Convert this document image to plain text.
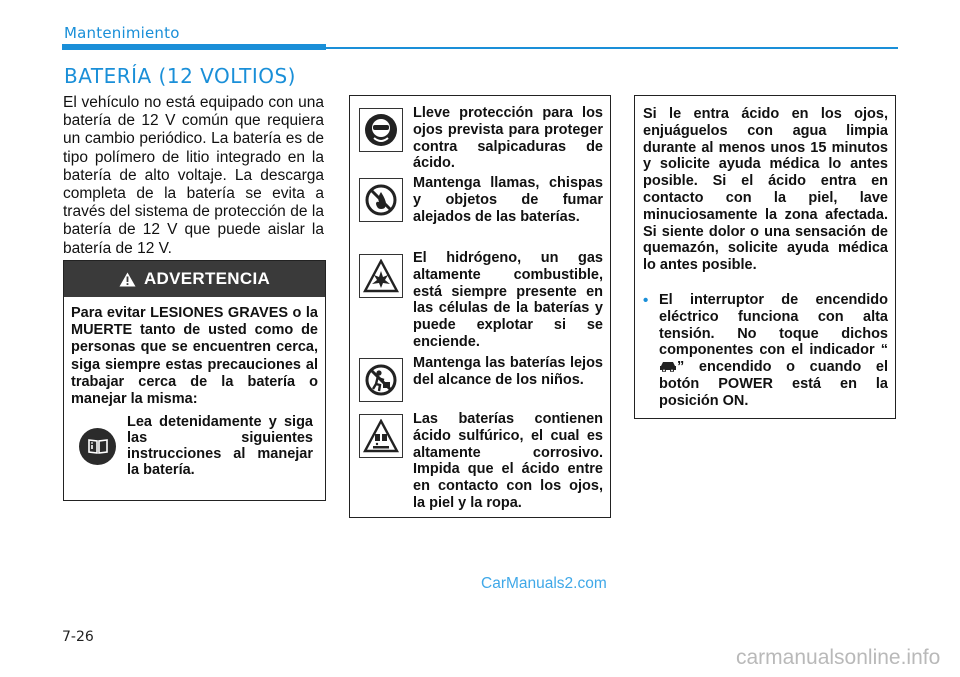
Mantenimiento
BATERÍA (12 VOLTIOS)

El vehículo no está equipado con una batería de 12 V común que requiera un cambio periódico. La batería es de tipo polímero de litio integrado en la batería de alto voltaje. La descarga completa de la batería se evita a través del sistema de protección de la batería de 12 V que puede aislar la batería de 12 V.

ADVERTENCIA

Para evitar LESIONES GRAVES o la MUERTE tanto de usted como de personas que se encuentren cerca, siga siempre estas precauciones al trabajar cerca de la batería o manejar la misma:

Lea detenidamente y siga las siguientes instrucciones al manejar la batería.
Lleve protección para los ojos prevista para proteger contra salpicaduras de ácido.
Mantenga llamas, chispas y objetos de fumar alejados de las baterías.
El hidrógeno, un gas altamente combustible, está siempre presente en las células de la baterías y puede explotar si se enciende.
Mantenga las baterías lejos del alcance de los niños.
Las baterías contienen ácido sulfúrico, el cual es altamente corrosivo. Impida que el ácido entre en contacto con los ojos, la piel y la ropa.

Si le entra ácido en los ojos, enjuáguelos con agua limpia durante al menos unos 15 minutos y solicite ayuda médica lo antes posible. Si el ácido entra en contacto con la piel, lave minuciosamente la zona afectada. Si siente dolor o una sensación de quemazón, solicite ayuda médica lo antes posible.

• El interruptor de encendido eléctrico funciona con alta tensión. No toque dichos componentes con el indicador “” encendido o cuando el botón POWER está en la posición ON.
CarManuals2.com
7-26
carmanualsonline.info
